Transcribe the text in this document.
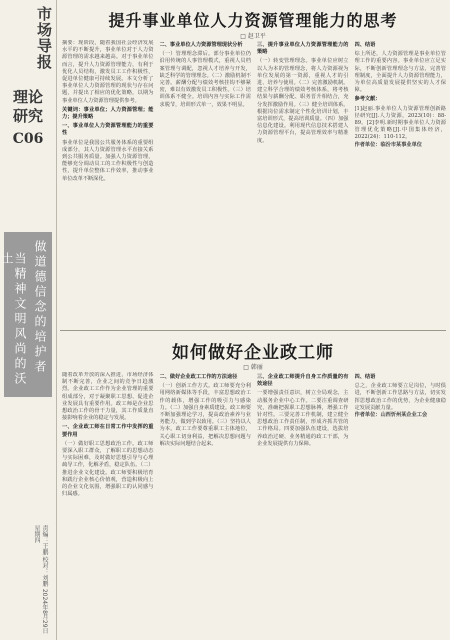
市场导报
理论研究
C06
做道德信念的培护者
当精神文明风尚的沃土
责编：王鹏 校对：刘鹏 2024年8月29日 星期四
提升事业单位人力资源管理能力的思考
□ 赵卫平
摘要：现阶段，随着我国社会经济发展水平的不断提升，事业单位对于人力资源管理的需求越来越高。对于事业单位而言，提升人力资源管理能力，有利于优化人员结构，激发员工工作积极性，促进单位健康可持续发展。本文分析了事业单位人力资源管理的现状与存在问题，并提出了相应的优化策略，以期为事业单位人力资源管理提供参考。
关键词：事业单位；人力资源管理；能力；提升策略
一、事业单位人力资源管理能力的重要性
事业单位是我国公共服务体系的重要组成部分，其人力资源管理水平直接关系到公共服务质量。加强人力资源管理，能够充分调动员工的工作积极性与创造性，提升单位整体工作效率，推动事业单位改革不断深化。
二、事业单位人力资源管理现状分析
（一）管理理念滞后。部分事业单位仍沿用传统的人事管理模式，重视人员档案管理与调配，忽视人才培养与开发，缺乏科学的管理理念。（二）激励机制不完善。薪酬分配与绩效考核挂钩不够紧密，难以有效激发员工积极性。（三）培训体系不健全。培训内容与实际工作需求脱节，培训形式单一，效果不明显。
三、提升事业单位人力资源管理能力的策略
（一）转变管理理念。事业单位应树立以人为本的管理理念，将人力资源视为单位发展的第一资源，重视人才的引进、培养与使用。（二）完善激励机制。建立科学合理的绩效考核体系，将考核结果与薪酬分配、职务晋升相结合，充分发挥激励作用。（三）健全培训体系。根据岗位需求制定个性化培训计划，丰富培训形式，提高培训质量。（四）加强信息化建设。利用现代信息技术搭建人力资源管理平台，提高管理效率与精准度。
四、结语
综上所述，人力资源管理是事业单位管理工作的重要内容。事业单位应立足实际，不断创新管理理念与方法，完善管理制度，全面提升人力资源管理能力，为单位高质量发展提供坚实的人才保障。
参考文献：
[1]赵丽.事业单位人力资源管理创新路径研究[J].人力资源，2023(10)：88-89。[2]李明.新时期事业单位人力资源管理优化策略[J].中国集体经济，2022(24)：110-112。
作者单位：临汾市某事业单位
如何做好企业政工师
□ 韩丽
随着改革开放的深入推进，市场经济体制不断完善，企业之间的竞争日趋激烈。企业政工工作作为企业管理的重要组成部分，对于凝聚职工思想、促进企业发展具有重要作用。政工师是企业思想政治工作的骨干力量，其工作质量直接影响着企业的稳定与发展。
一、企业政工师在日常工作中发挥的重要作用
（一）做好职工思想政治工作。政工师要深入职工群众，了解职工的思想动态与实际困难，及时做好思想引导与心理疏导工作，化解矛盾，稳定队伍。（二）推进企业文化建设。政工师要积极培育和践行企业核心价值观，营造积极向上的企业文化氛围，增强职工的认同感与归属感。
二、做好企业政工工作的方法途径
（一）创新工作方式。政工师要充分利用网络新媒体等手段，丰富思想政治工作的载体，增强工作的吸引力与感染力。（二）加强自身素质建设。政工师要不断加强理论学习，提高政治素养与业务能力，做到学以致用。（三）坚持以人为本。政工工作要尊重职工主体地位，关心职工切身利益，把解决思想问题与解决实际问题结合起来。
三、企业政工师提升自身工作质量的有效途径
一要增强责任意识，树立全局观念，主动服务企业中心工作。二要注重调查研究，准确把握职工思想脉搏，增强工作针对性。三要完善工作机制，建立健全思想政治工作责任制，形成齐抓共管的工作格局。四要加强队伍建设，选拔培养政治过硬、业务精通的政工干部，为企业发展提供有力保障。
四、结语
总之，企业政工师要立足岗位，与时俱进，不断创新工作思路与方法，切实发挥思想政治工作的优势，为企业健康稳定发展贡献力量。
作者单位：山西忻州某企业工会
